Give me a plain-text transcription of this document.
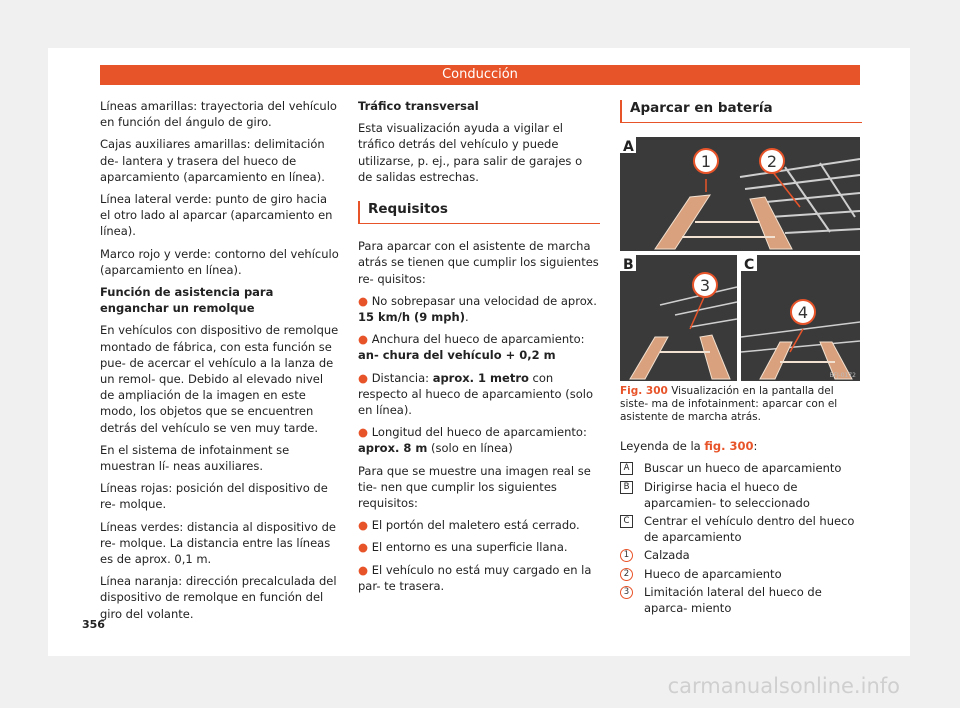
Conducción

Líneas amarillas: trayectoria del vehículo en función del ángulo de giro.

Cajas auxiliares amarillas: delimitación de- lantera y trasera del hueco de aparcamiento (aparcamiento en línea).

Línea lateral verde: punto de giro hacia el otro lado al aparcar (aparcamiento en línea).

Marco rojo y verde: contorno del vehículo (aparcamiento en línea).

Función de asistencia para enganchar un remolque

En vehículos con dispositivo de remolque montado de fábrica, con esta función se pue- de acercar el vehículo a la lanza de un remol- que. Debido al elevado nivel de ampliación de la imagen en este modo, los objetos que se encuentren detrás del vehículo se ven muy tarde.

En el sistema de infotainment se muestran lí- neas auxiliares.

Líneas rojas: posición del dispositivo de re- molque.

Líneas verdes: distancia al dispositivo de re- molque. La distancia entre las líneas es de aprox. 0,1 m.

Línea naranja: dirección precalculada del dispositivo de remolque en función del giro del volante.

Tráfico transversal

Esta visualización ayuda a vigilar el tráfico detrás del vehículo y puede utilizarse, p. ej., para salir de garajes o de salidas estrechas.

Requisitos

Para aparcar con el asistente de marcha atrás se tienen que cumplir los siguientes re- quisitos:

● No sobrepasar una velocidad de aprox.
15 km/h (9 mph).

● Anchura del hueco de aparcamiento: an- chura del vehículo + 0,2 m

● Distancia: aprox. 1 metro con respecto al hueco de aparcamiento (solo en línea).

● Longitud del hueco de aparcamiento: aprox. 8 m (solo en línea)

Para que se muestre una imagen real se tie- nen que cumplir los siguientes requisitos:

● El portón del maletero está cerrado.

● El entorno es una superficie llana.

● El vehículo no está muy cargado en la par- te trasera.

Aparcar en batería
1	2
A
3
B
4
C
BFJ-0172
Fig. 300 Visualización en la pantalla del siste- ma de infotainment: aparcar con el asistente de marcha atrás.

Leyenda de la fig. 300:

A	Buscar un hueco de aparcamiento
B	Dirigirse hacia el hueco de aparcamien- to seleccionado
C	Centrar el vehículo dentro del hueco de aparcamiento
1	Calzada
2	Hueco de aparcamiento
3	Limitación lateral del hueco de aparca- miento
356
carmanualsonline.info
